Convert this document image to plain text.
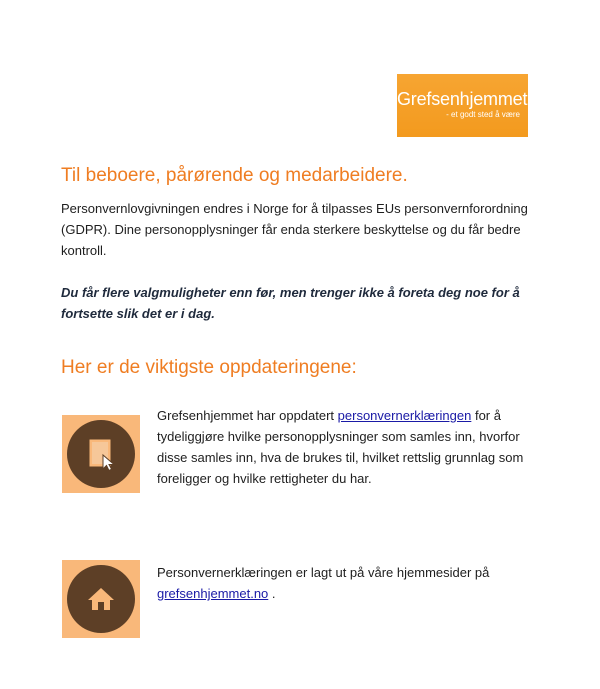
Grefsenhjemmet
- et godt sted å være
Til beboere, pårørende og medarbeidere.

Personvernlovgivningen endres i Norge for å tilpasses EUs personvernforordning (GDPR). Dine personopplysninger får enda sterkere beskyttelse og du får bedre kontroll.

Du får flere valgmuligheter enn før, men trenger ikke å foreta deg noe for å fortsette slik det er i dag.

Her er de viktigste oppdateringene:

Grefsenhjemmet har oppdatert personvernerklæringen for å tydeliggjøre hvilke personopplysninger som samles inn, hvorfor disse samles inn, hva de brukes til, hvilket rettslig grunnlag som foreligger og hvilke rettigheter du har.

Personvernerklæringen er lagt ut på våre hjemmesider på grefsenhjemmet.no .
